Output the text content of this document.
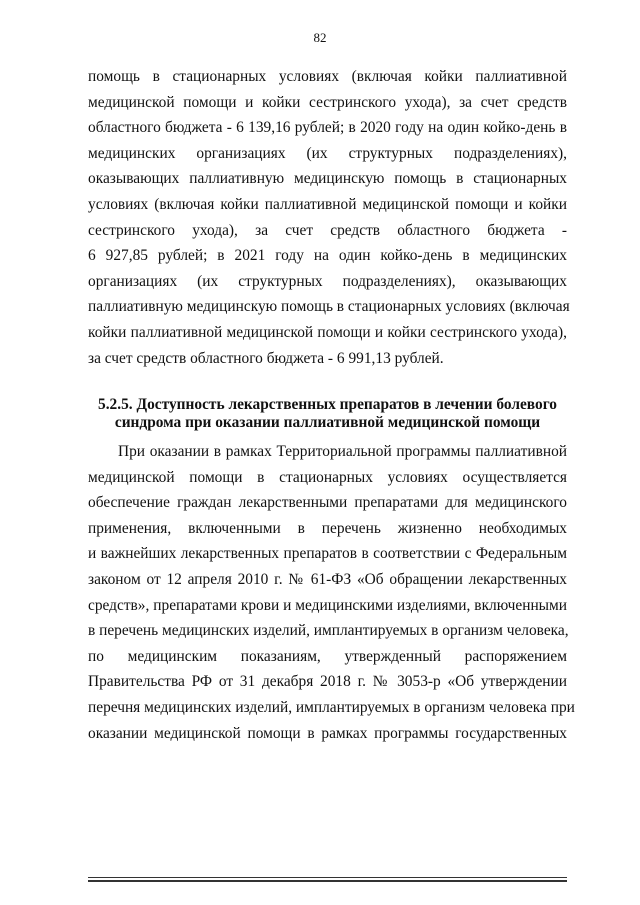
82
помощь в стационарных условиях (включая койки паллиативной
медицинской помощи и койки сестринского ухода), за счет средств
областного бюджета - 6 139,16 рублей; в 2020 году на один койко-день в
медицинских организациях (их структурных подразделениях),
оказывающих паллиативную медицинскую помощь в стационарных
условиях (включая койки паллиативной медицинской помощи и койки
сестринского ухода), за счет средств областного бюджета -
6 927,85 рублей; в 2021 году на один койко-день в медицинских
организациях (их структурных подразделениях), оказывающих
паллиативную медицинскую помощь в стационарных условиях (включая
койки паллиативной медицинской помощи и койки сестринского ухода),
за счет средств областного бюджета - 6 991,13 рублей.
5.2.5. Доступность лекарственных препаратов в лечении болевого
синдрома при оказании паллиативной медицинской помощи
При оказании в рамках Территориальной программы паллиативной
медицинской помощи в стационарных условиях осуществляется
обеспечение граждан лекарственными препаратами для медицинского
применения, включенными в перечень жизненно необходимых
и важнейших лекарственных препаратов в соответствии с Федеральным
законом от 12 апреля 2010 г. № 61-ФЗ «Об обращении лекарственных
средств», препаратами крови и медицинскими изделиями, включенными
в перечень медицинских изделий, имплантируемых в организм человека,
по медицинским показаниям, утвержденный распоряжением
Правительства РФ от 31 декабря 2018 г. № 3053-р «Об утверждении
перечня медицинских изделий, имплантируемых в организм человека при
оказании медицинской помощи в рамках программы государственных
